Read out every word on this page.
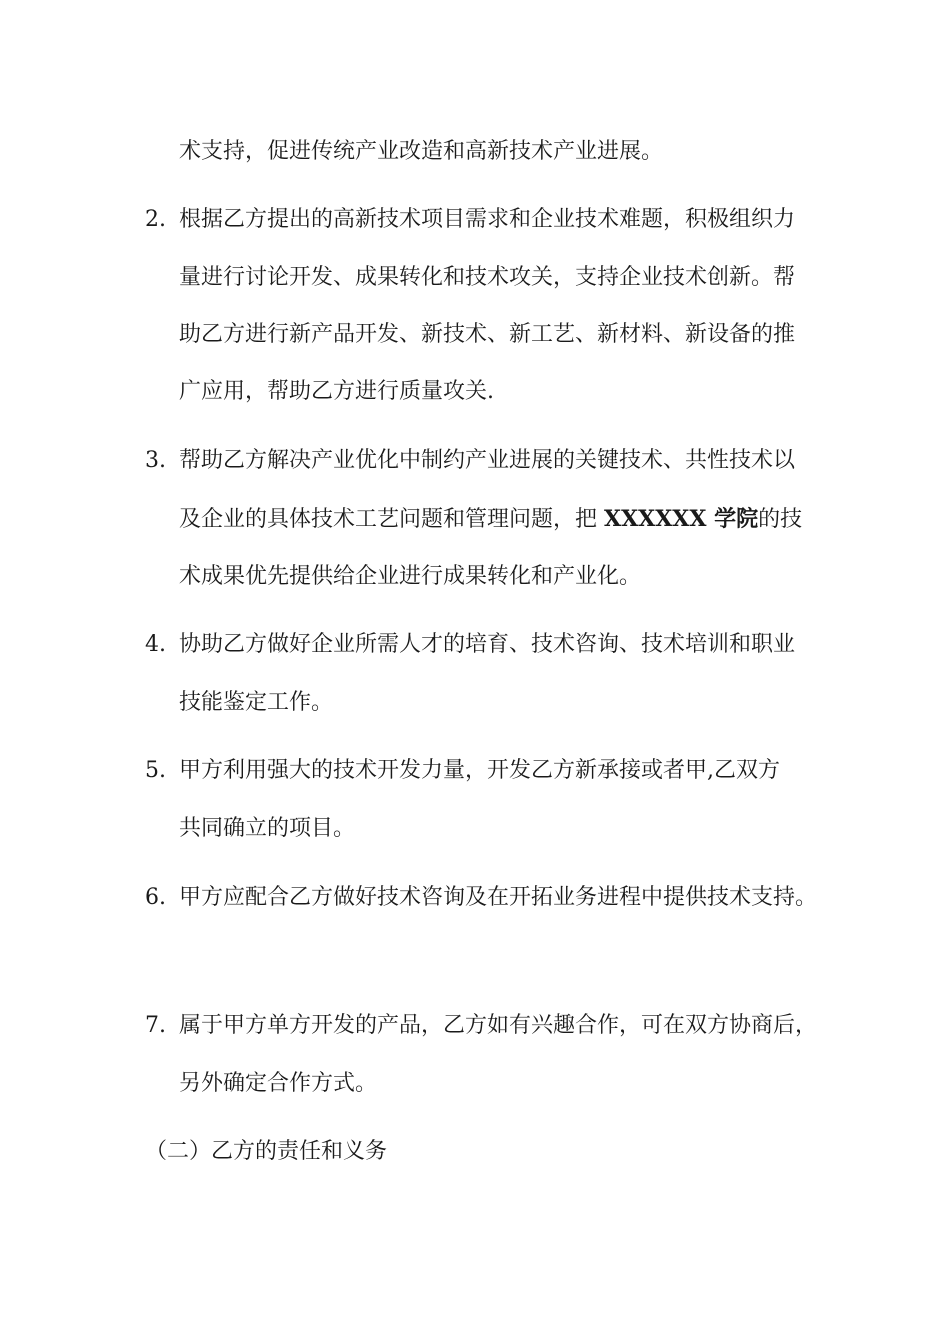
术支持，促进传统产业改造和高新技术产业进展。
2. 根据乙方提出的高新技术项目需求和企业技术难题，积极组织力
量进行讨论开发、成果转化和技术攻关，支持企业技术创新。帮
助乙方进行新产品开发、新技术、新工艺、新材料、新设备的推
广应用，帮助乙方进行质量攻关.
3. 帮助乙方解决产业优化中制约产业进展的关键技术、共性技术以
及企业的具体技术工艺问题和管理问题，把 XXXXXX 学院的技
术成果优先提供给企业进行成果转化和产业化。
4. 协助乙方做好企业所需人才的培育、技术咨询、技术培训和职业
技能鉴定工作。
5. 甲方利用强大的技术开发力量，开发乙方新承接或者甲,乙双方
共同确立的项目。
6. 甲方应配合乙方做好技术咨询及在开拓业务进程中提供技术支持。
7. 属于甲方单方开发的产品，乙方如有兴趣合作，可在双方协商后，
另外确定合作方式。
（二）乙方的责任和义务
